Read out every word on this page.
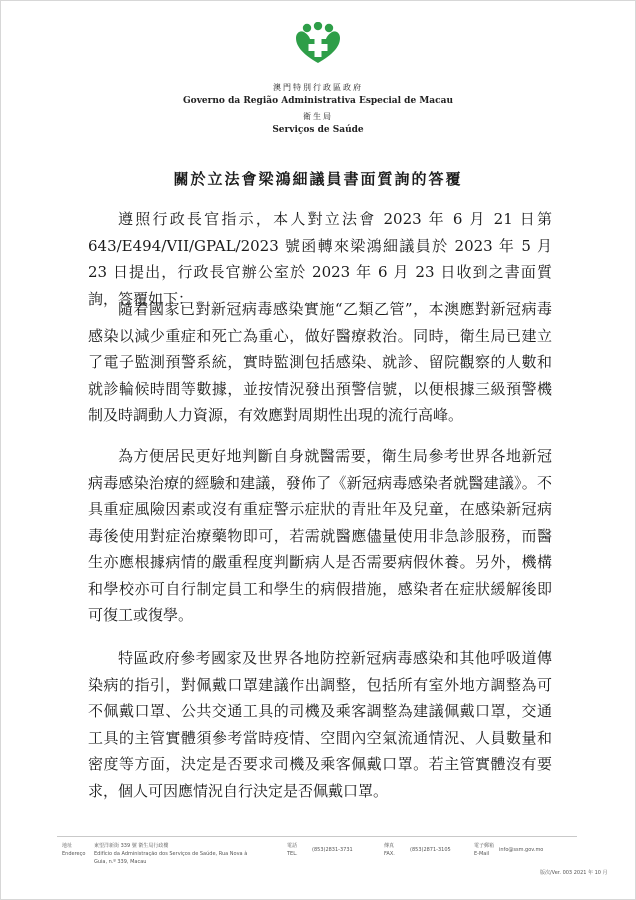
澳門特別行政區政府
Governo da Região Administrativa Especial de Macau
衛生局
Serviços de Saúde
關於立法會梁鴻細議員書面質詢的答覆

遵照行政長官指示，本人對立法會 2023 年 6 月 21 日第 643/E494/VII/GPAL/2023 號函轉來梁鴻細議員於 2023 年 5 月 23 日提出，行政長官辦公室於 2023 年 6 月 23 日收到之書面質詢，答覆如下：

隨着國家已對新冠病毒感染實施“乙類乙管”，本澳應對新冠病毒感染以減少重症和死亡為重心，做好醫療救治。同時，衛生局已建立了電子監測預警系統，實時監測包括感染、就診、留院觀察的人數和就診輪候時間等數據，並按情況發出預警信號，以便根據三級預警機制及時調動人力資源，有效應對周期性出現的流行高峰。

為方便居民更好地判斷自身就醫需要，衛生局參考世界各地新冠病毒感染治療的經驗和建議，發佈了《新冠病毒感染者就醫建議》。不具重症風險因素或沒有重症警示症狀的青壯年及兒童，在感染新冠病毒後使用對症治療藥物即可，若需就醫應儘量使用非急診服務，而醫生亦應根據病情的嚴重程度判斷病人是否需要病假休養。另外，機構和學校亦可自行制定員工和學生的病假措施，感染者在症狀緩解後即可復工或復學。

特區政府參考國家及世界各地防控新冠病毒感染和其他呼吸道傳染病的指引，對佩戴口罩建議作出調整，包括所有室外地方調整為可不佩戴口罩、公共交通工具的司機及乘客調整為建議佩戴口罩，交通工具的主管實體須參考當時疫情、空間內空氣流通情況、人員數量和密度等方面，決定是否要求司機及乘客佩戴口罩。若主管實體沒有要求，個人可因應情況自行決定是否佩戴口罩。

地址
Endereço
東望洋新街 339 號 衛生局行政樓
Edifício da Administração dos Serviços de Saúde, Rua Nova à
Guia, n.º 339, Macau
電話
TEL.
(853)2831-3731
傳真
FAX.
(853)2871-3105
電子郵箱
E-Mail
info@ssm.gov.mo
版次/Ver. 003 2021 年 10 月
